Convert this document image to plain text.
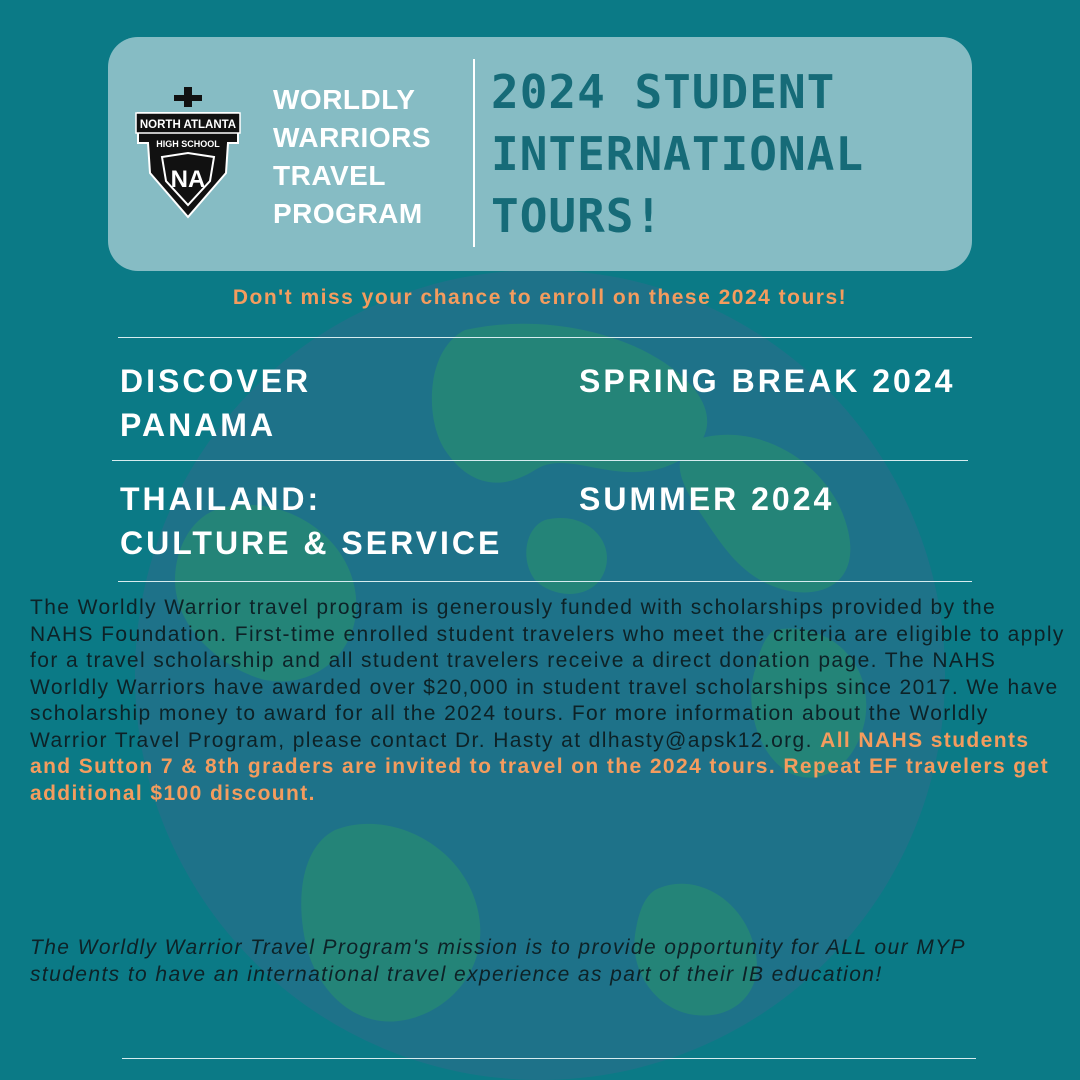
NORTH ATLANTA
HIGH SCHOOL
NA
WORLDLY
WARRIORS
TRAVEL
PROGRAM
2024 STUDENT
INTERNATIONAL
TOURS!

Don't miss your chance to enroll on these 2024 tours!

DISCOVER
PANAMA

SPRING BREAK 2024

THAILAND:
CULTURE & SERVICE

SUMMER 2024

The Worldly Warrior travel program is generously funded with scholarships provided by the NAHS Foundation. First-time enrolled student travelers who meet the criteria are eligible to apply for a travel scholarship and all student travelers receive a direct donation page. The NAHS Worldly Warriors have awarded over $20,000 in student travel scholarships since 2017. We have scholarship money to award for all the 2024 tours. For more information about the Worldly Warrior Travel Program, please contact Dr. Hasty at dlhasty@apsk12.org. All NAHS students and Sutton 7 & 8th graders are invited to travel on the 2024 tours. Repeat EF travelers get additional $100 discount.

The Worldly Warrior Travel Program's mission is to provide opportunity for ALL our MYP students to have an international travel experience as part of their IB education!
